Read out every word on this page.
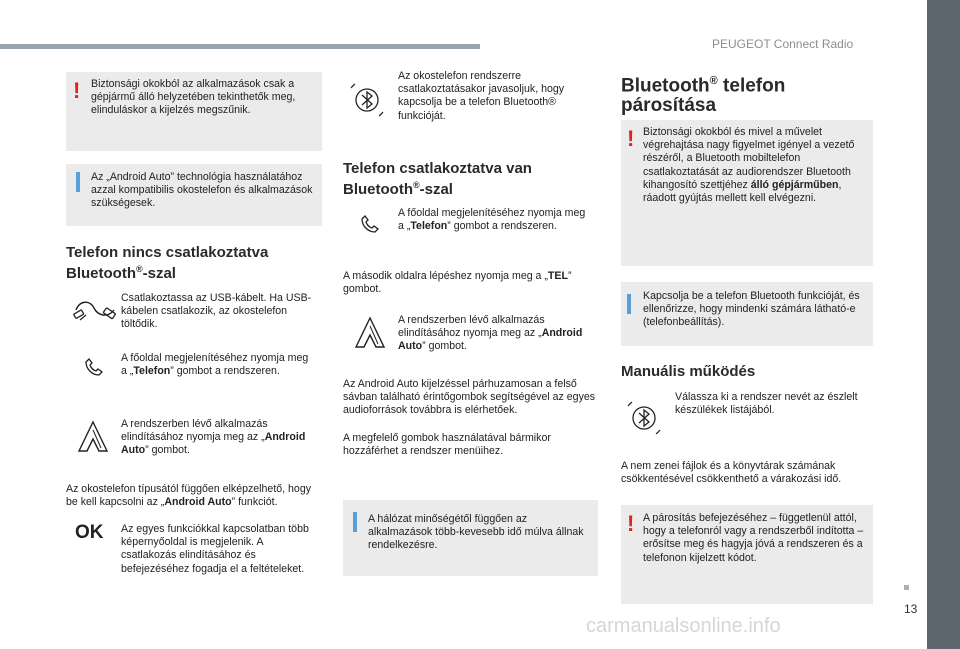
PEUGEOT Connect Radio
13
! Biztonsági okokból az alkalmazások csak a gépjármű álló helyzetében tekinthetők meg, elinduláskor a kijelzés megszűnik.
Az „Android Auto” technológia használatához azzal kompatibilis okostelefon és alkalmazások szükségesek.
Telefon nincs csatlakoztatva
Bluetooth®-szal
Csatlakoztassa az USB-kábelt. Ha USB-kábelen csatlakozik, az okostelefon töltődik.
A főoldal megjelenítéséhez nyomja meg a „Telefon” gombot a rendszeren.
A rendszerben lévő alkalmazás elindításához nyomja meg az „Android Auto” gombot.
Az okostelefon típusától függően elképzelhető, hogy be kell kapcsolni az „Android Auto” funkciót.
OK Az egyes funkciókkal kapcsolatban több képernyőoldal is megjelenik. A csatlakozás elindításához és befejezéséhez fogadja el a feltételeket.
Az okostelefon rendszerre csatlakoztatásakor javasoljuk, hogy kapcsolja be a telefon Bluetooth® funkcióját.
Telefon csatlakoztatva van
Bluetooth®-szal
A főoldal megjelenítéséhez nyomja meg a „Telefon” gombot a rendszeren.
A második oldalra lépéshez nyomja meg a „TEL” gombot.
A rendszerben lévő alkalmazás elindításához nyomja meg az „Android Auto” gombot.
Az Android Auto kijelzéssel párhuzamosan a felső sávban található érintőgombok segítségével az egyes audioforrások továbbra is elérhetőek.
A megfelelő gombok használatával bármikor hozzáférhet a rendszer menüihez.
A hálózat minőségétől függően az alkalmazások több-kevesebb idő múlva állnak rendelkezésre.
Bluetooth® telefon
párosítása
! Biztonsági okokból és mivel a művelet végrehajtása nagy figyelmet igényel a vezető részéről, a Bluetooth mobiltelefon csatlakoztatását az audiorendszer Bluetooth kihangosító szettjéhez álló gépjárműben, ráadott gyújtás mellett kell elvégezni.
Kapcsolja be a telefon Bluetooth funkcióját, és ellenőrizze, hogy mindenki számára látható-e (telefonbeállítás).
Manuális működés
Válassza ki a rendszer nevét az észlelt készülékek listájából.
A nem zenei fájlok és a könyvtárak számának csökkentésével csökkenthető a várakozási idő.
! A párosítás befejezéséhez – függetlenül attól, hogy a telefonról vagy a rendszerből indította – erősítse meg és hagyja jóvá a rendszeren és a telefonon kijelzett kódot.
carmanualsonline.info
